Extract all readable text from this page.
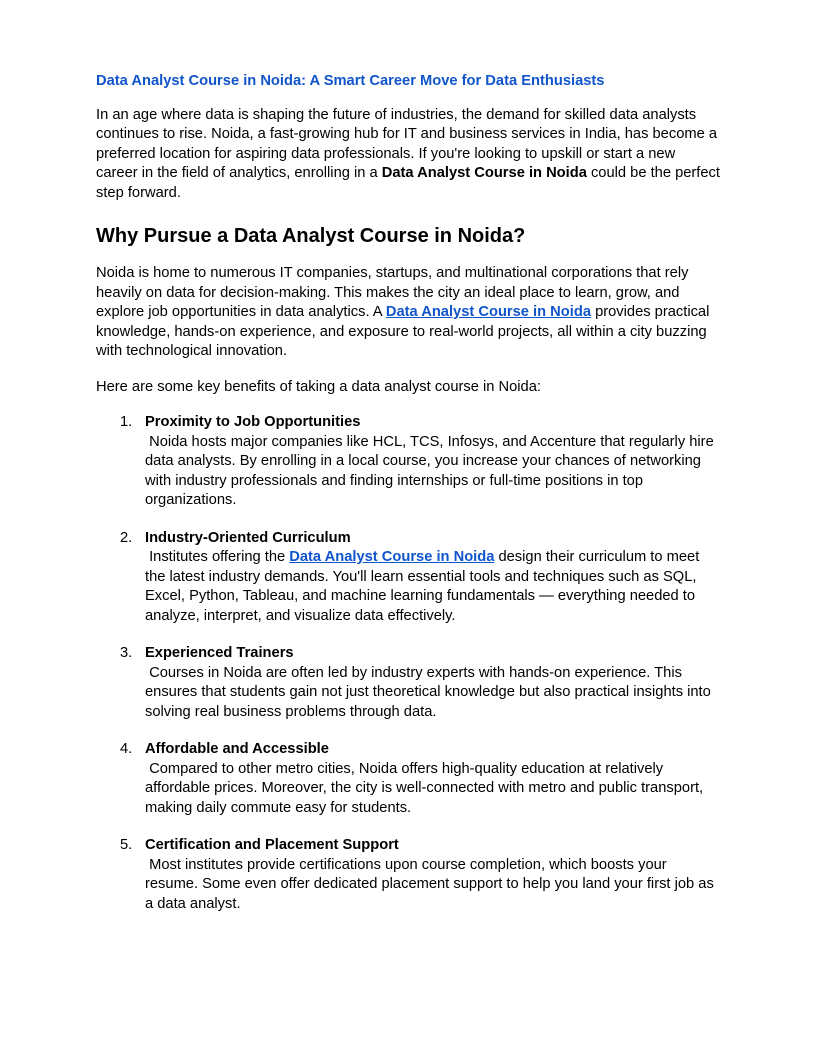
Data Analyst Course in Noida: A Smart Career Move for Data Enthusiasts

In an age where data is shaping the future of industries, the demand for skilled data analysts continues to rise. Noida, a fast-growing hub for IT and business services in India, has become a preferred location for aspiring data professionals. If you're looking to upskill or start a new career in the field of analytics, enrolling in a Data Analyst Course in Noida could be the perfect step forward.

Why Pursue a Data Analyst Course in Noida?

Noida is home to numerous IT companies, startups, and multinational corporations that rely heavily on data for decision-making. This makes the city an ideal place to learn, grow, and explore job opportunities in data analytics. A Data Analyst Course in Noida provides practical knowledge, hands-on experience, and exposure to real-world projects, all within a city buzzing with technological innovation.

Here are some key benefits of taking a data analyst course in Noida:

1. Proximity to Job Opportunities
Noida hosts major companies like HCL, TCS, Infosys, and Accenture that regularly hire data analysts. By enrolling in a local course, you increase your chances of networking with industry professionals and finding internships or full-time positions in top organizations.
2. Industry-Oriented Curriculum
Institutes offering the Data Analyst Course in Noida design their curriculum to meet the latest industry demands. You'll learn essential tools and techniques such as SQL, Excel, Python, Tableau, and machine learning fundamentals — everything needed to analyze, interpret, and visualize data effectively.
3. Experienced Trainers
Courses in Noida are often led by industry experts with hands-on experience. This ensures that students gain not just theoretical knowledge but also practical insights into solving real business problems through data.
4. Affordable and Accessible
Compared to other metro cities, Noida offers high-quality education at relatively affordable prices. Moreover, the city is well-connected with metro and public transport, making daily commute easy for students.
5. Certification and Placement Support
Most institutes provide certifications upon course completion, which boosts your resume. Some even offer dedicated placement support to help you land your first job as a data analyst.
